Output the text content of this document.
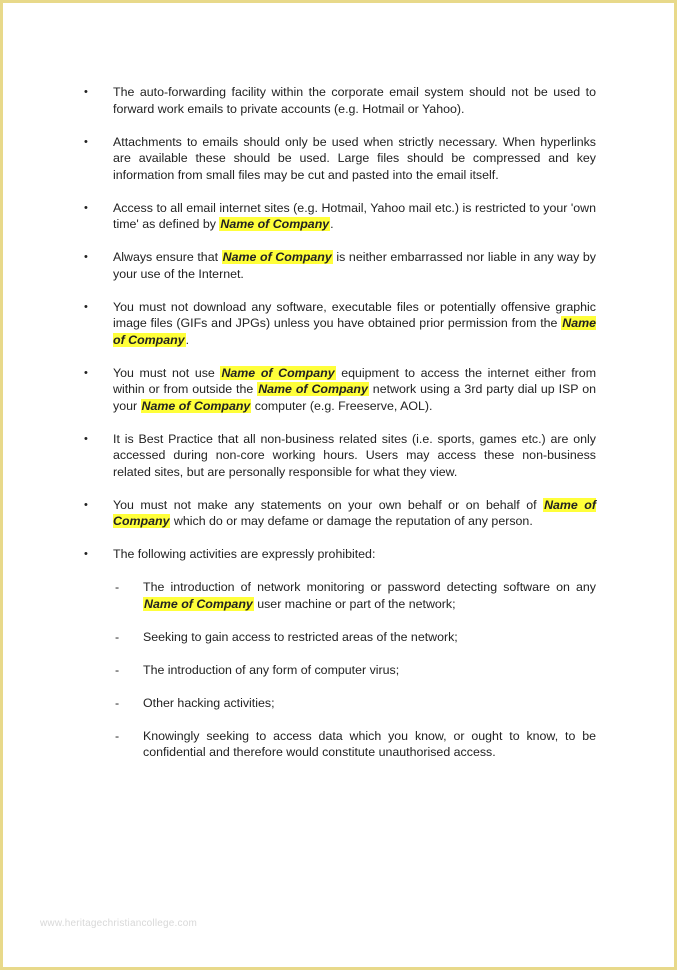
•	The auto-forwarding facility within the corporate email system should not be used to forward work emails to private accounts (e.g. Hotmail or Yahoo).
•	Attachments to emails should only be used when strictly necessary. When hyperlinks are available these should be used. Large files should be compressed and key information from small files may be cut and pasted into the email itself.
•	Access to all email internet sites (e.g. Hotmail, Yahoo mail etc.) is restricted to your 'own time' as defined by Name of Company.
•	Always ensure that Name of Company is neither embarrassed nor liable in any way by your use of the Internet.
•	You must not download any software, executable files or potentially offensive graphic image files (GIFs and JPGs) unless you have obtained prior permission from the Name of Company.
•	You must not use Name of Company equipment to access the internet either from within or from outside the Name of Company network using a 3rd party dial up ISP on your Name of Company computer (e.g. Freeserve, AOL).
•	It is Best Practice that all non-business related sites (i.e. sports, games etc.) are only accessed during non-core working hours. Users may access these non-business related sites, but are personally responsible for what they view.
•	You must not make any statements on your own behalf or on behalf of Name of Company which do or may defame or damage the reputation of any person.
•	The following activities are expressly prohibited:
- The introduction of network monitoring or password detecting software on any Name of Company user machine or part of the network;
- Seeking to gain access to restricted areas of the network;
- The introduction of any form of computer virus;
- Other hacking activities;
- Knowingly seeking to access data which you know, or ought to know, to be confidential and therefore would constitute unauthorised access.
www.heritagechristiancollege.com
